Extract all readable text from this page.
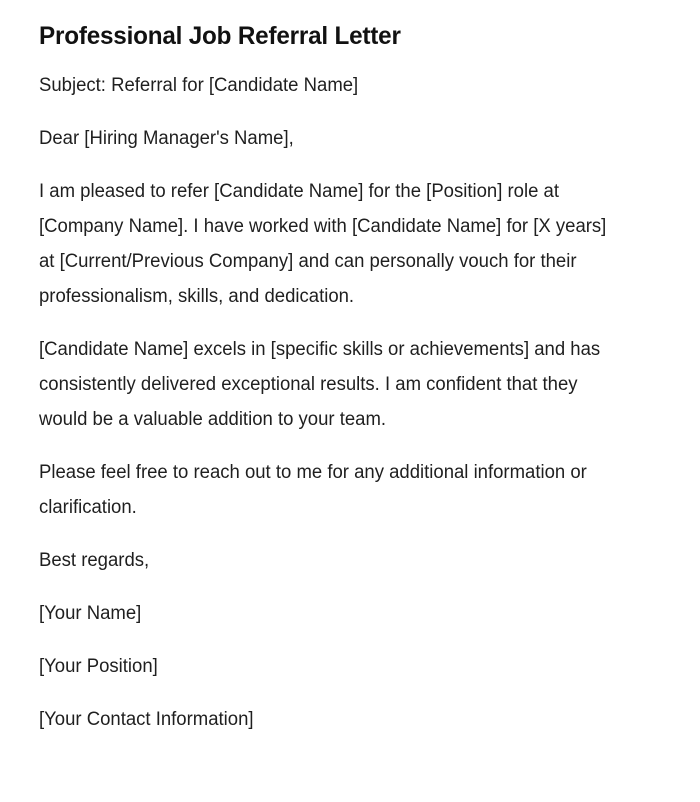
Professional Job Referral Letter

Subject: Referral for [Candidate Name]

Dear [Hiring Manager's Name],

I am pleased to refer [Candidate Name] for the [Position] role at [Company Name]. I have worked with [Candidate Name] for [X years] at [Current/Previous Company] and can personally vouch for their professionalism, skills, and dedication.

[Candidate Name] excels in [specific skills or achievements] and has consistently delivered exceptional results. I am confident that they would be a valuable addition to your team.

Please feel free to reach out to me for any additional information or clarification.

Best regards,

[Your Name]

[Your Position]

[Your Contact Information]
